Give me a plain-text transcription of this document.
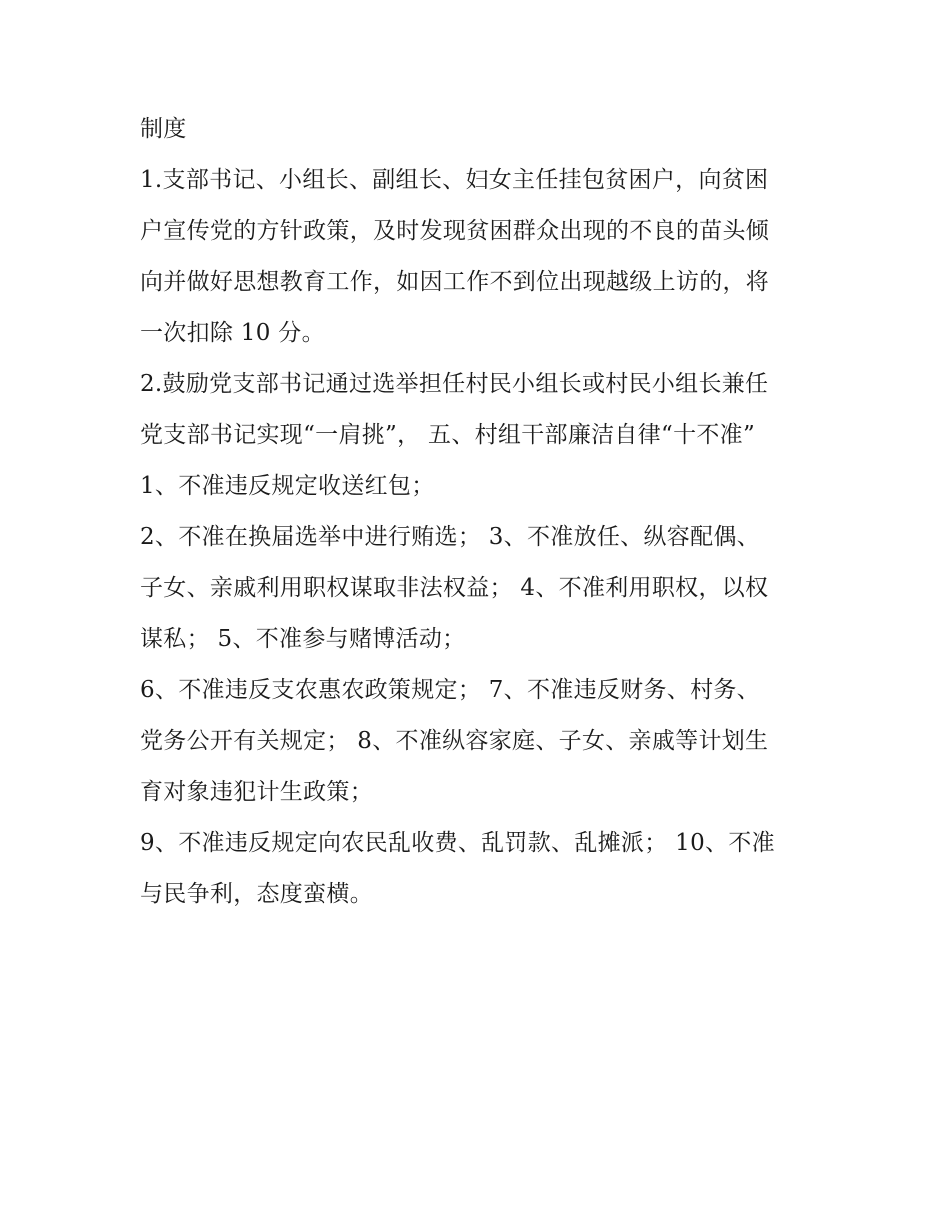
制度
1.支部书记、小组长、副组长、妇女主任挂包贫困户，向贫困
户宣传党的方针政策，及时发现贫困群众出现的不良的苗头倾
向并做好思想教育工作，如因工作不到位出现越级上访的，将
一次扣除 10 分。
2.鼓励党支部书记通过选举担任村民小组长或村民小组长兼任
党支部书记实现“一肩挑”， 五、村组干部廉洁自律“十不准”
1、不准违反规定收送红包；
2、不准在换届选举中进行贿选； 3、不准放任、纵容配偶、
子女、亲戚利用职权谋取非法权益； 4、不准利用职权，以权
谋私； 5、不准参与赌博活动；
6、不准违反支农惠农政策规定； 7、不准违反财务、村务、
党务公开有关规定； 8、不准纵容家庭、子女、亲戚等计划生
育对象违犯计生政策；
9、不准违反规定向农民乱收费、乱罚款、乱摊派； 10、不准
与民争利，态度蛮横。
